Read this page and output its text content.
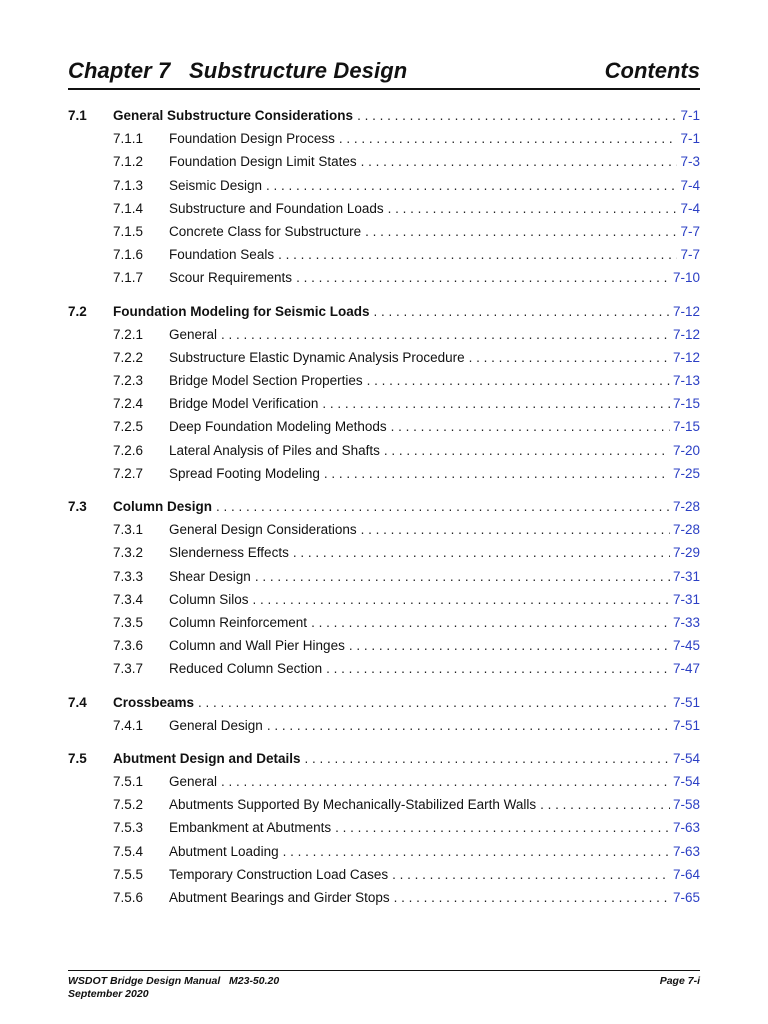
Chapter 7 Substructure Design	Contents
7.1 General Substructure Considerations . . .	7-1
7.1.1 Foundation Design Process . . .	7-1
7.1.2 Foundation Design Limit States . . .	7-3
7.1.3 Seismic Design . . .	7-4
7.1.4 Substructure and Foundation Loads . . .	7-4
7.1.5 Concrete Class for Substructure . . .	7-7
7.1.6 Foundation Seals . . .	7-7
7.1.7 Scour Requirements . . .	7-10
7.2 Foundation Modeling for Seismic Loads . . .	7-12
7.2.1 General . . .	7-12
7.2.2 Substructure Elastic Dynamic Analysis Procedure . . .	7-12
7.2.3 Bridge Model Section Properties . . .	7-13
7.2.4 Bridge Model Verification . . .	7-15
7.2.5 Deep Foundation Modeling Methods . . .	7-15
7.2.6 Lateral Analysis of Piles and Shafts . . .	7-20
7.2.7 Spread Footing Modeling . . .	7-25
7.3 Column Design . . .	7-28
7.3.1 General Design Considerations . . .	7-28
7.3.2 Slenderness Effects . . .	7-29
7.3.3 Shear Design . . .	7-31
7.3.4 Column Silos . . .	7-31
7.3.5 Column Reinforcement . . .	7-33
7.3.6 Column and Wall Pier Hinges . . .	7-45
7.3.7 Reduced Column Section . . .	7-47
7.4 Crossbeams . . .	7-51
7.4.1 General Design . . .	7-51
7.5 Abutment Design and Details . . .	7-54
7.5.1 General . . .	7-54
7.5.2 Abutments Supported By Mechanically-Stabilized Earth Walls . . .	7-58
7.5.3 Embankment at Abutments . . .	7-63
7.5.4 Abutment Loading . . .	7-63
7.5.5 Temporary Construction Load Cases . . .	7-64
7.5.6 Abutment Bearings and Girder Stops . . .	7-65
WSDOT Bridge Design Manual   M23-50.20
September 2020
Page 7-i
